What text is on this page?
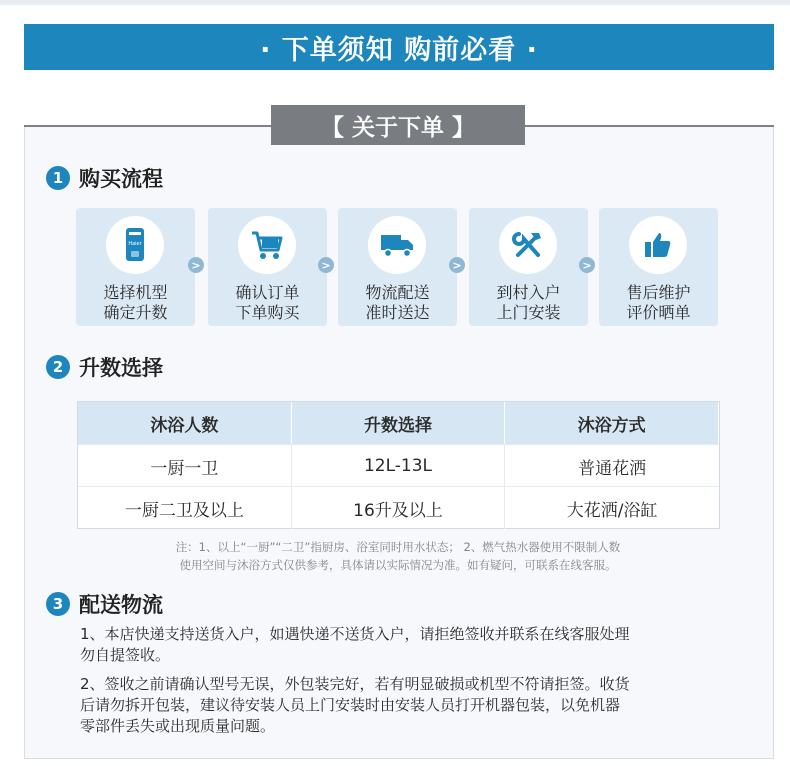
· 下单须知 购前必看 ·
【 关于下单 】
1 购买流程
Haier
选择机型
确定升数
>
确认订单
下单购买
>
物流配送
准时送达
>
到村入户
上门安装
>
售后维护
评价晒单
2 升数选择
沐浴人数	升数选择	沐浴方式
一厨一卫	12L-13L	普通花洒
一厨二卫及以上	16升及以上	大花洒/浴缸
注：1、以上“一厨”“二卫”指厨房、浴室同时用水状态； 2、燃气热水器使用不限制人数
使用空间与沐浴方式仅供参考，具体请以实际情况为准。如有疑问，可联系在线客服。
3 配送物流
1、本店快递支持送货入户，如遇快递不送货入户，请拒绝签收并联系在线客服处理
勿自提签收。
2、签收之前请确认型号无误，外包装完好，若有明显破损或机型不符请拒签。收货
后请勿拆开包装，建议待安装人员上门安装时由安装人员打开机器包装，以免机器
零部件丢失或出现质量问题。
